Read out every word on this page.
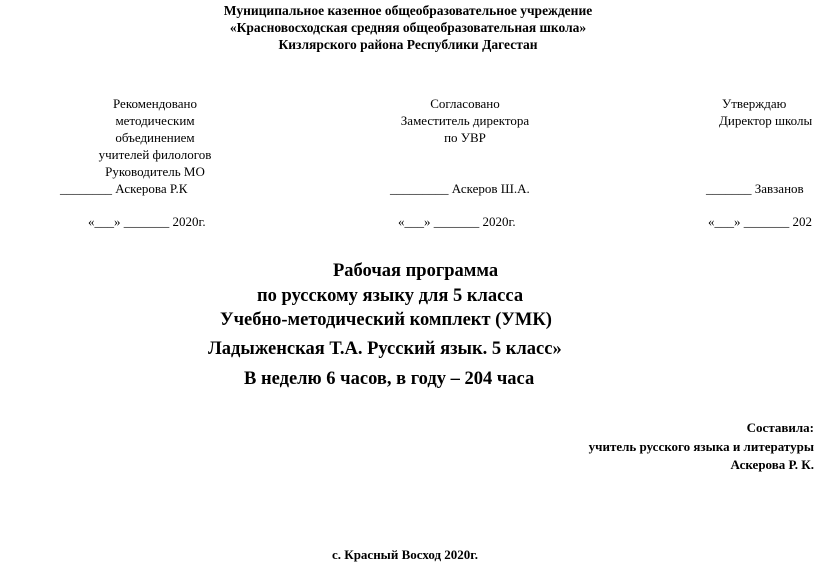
Муниципальное казенное общеобразовательное учреждение
«Красновосходская средняя общеобразовательная школа»
Кизлярского района Республики Дагестан
Рекомендовано
методическим
объединением
учителей филологов
Руководитель МО
________ Аскерова Р.К
«___» _______ 2020г.
Согласовано
Заместитель директора
по УВР
_________ Аскеров Ш.А.
«___» _______ 2020г.
Утверждаю
Директор школы
_______ Завзанов
«___» _______ 202
Рабочая программа
по русскому языку для 5 класса
Учебно-методический комплект (УМК)
Ладыженская Т.А. Русский язык. 5 класс»
В неделю 6 часов, в году – 204 часа
Составила:
учитель русского языка и литературы
Аскерова Р. К.
с. Красный Восход 2020г.
